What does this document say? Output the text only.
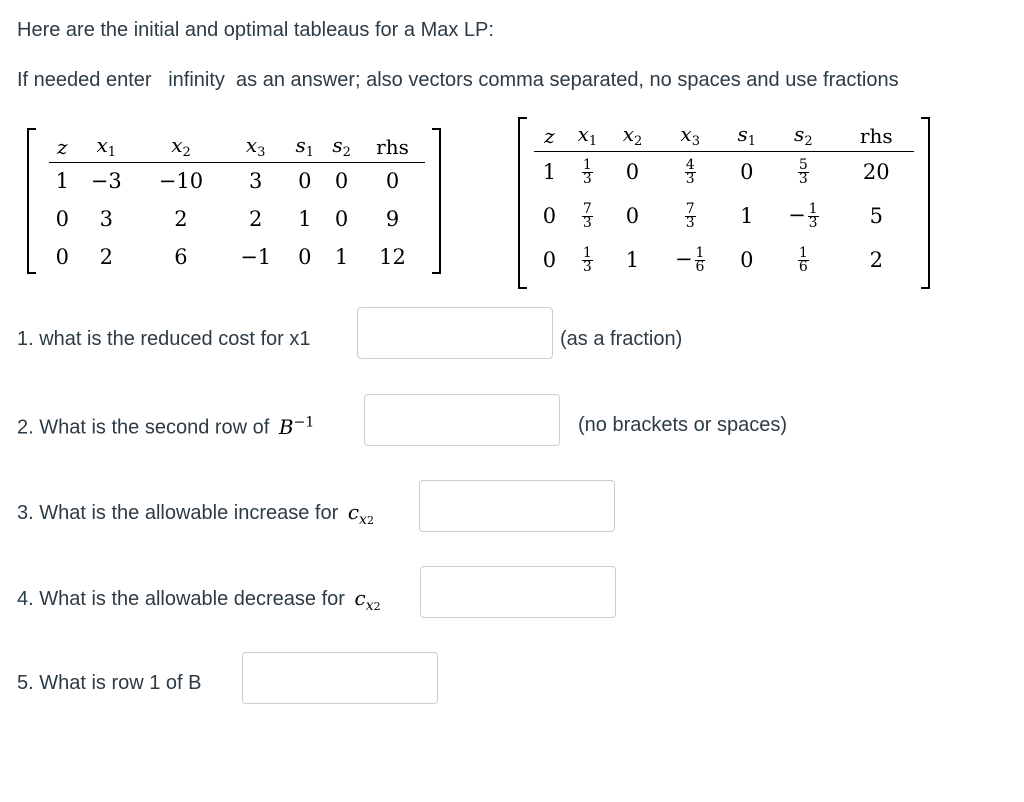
Here are the initial and optimal tableaus for a Max LP:
If needed enter   infinity  as an answer; also vectors comma separated, no spaces and use fractions
z	$x_1$	$x_2$	$x_3$	$s_1$	$s_2$	rhs
1	−3	−10	3	0	0	0
0	3	2	2	1	0	9
0	2	6	−1	0	1	12
z	$x_1$	$x_2$	$x_3$	$s_1$	$s_2$	rhs
1	$\frac{1}{3}$	0	$\frac{4}{3}$	0	$\frac{5}{3}$	20
0	$\frac{7}{3}$	0	$\frac{7}{3}$	1	− $\frac{1}{3}$	5
0	$\frac{1}{3}$	1	− $\frac{1}{6}$	0	$\frac{1}{6}$	2
1. what is the reduced cost for x1	(as a fraction)
2. What is the second row of $B^{-1}$	(no brackets or spaces)
3. What is the allowable increase for $c_{x2}$
4. What is the allowable decrease for $c_{x2}$
5. What is row 1 of B
